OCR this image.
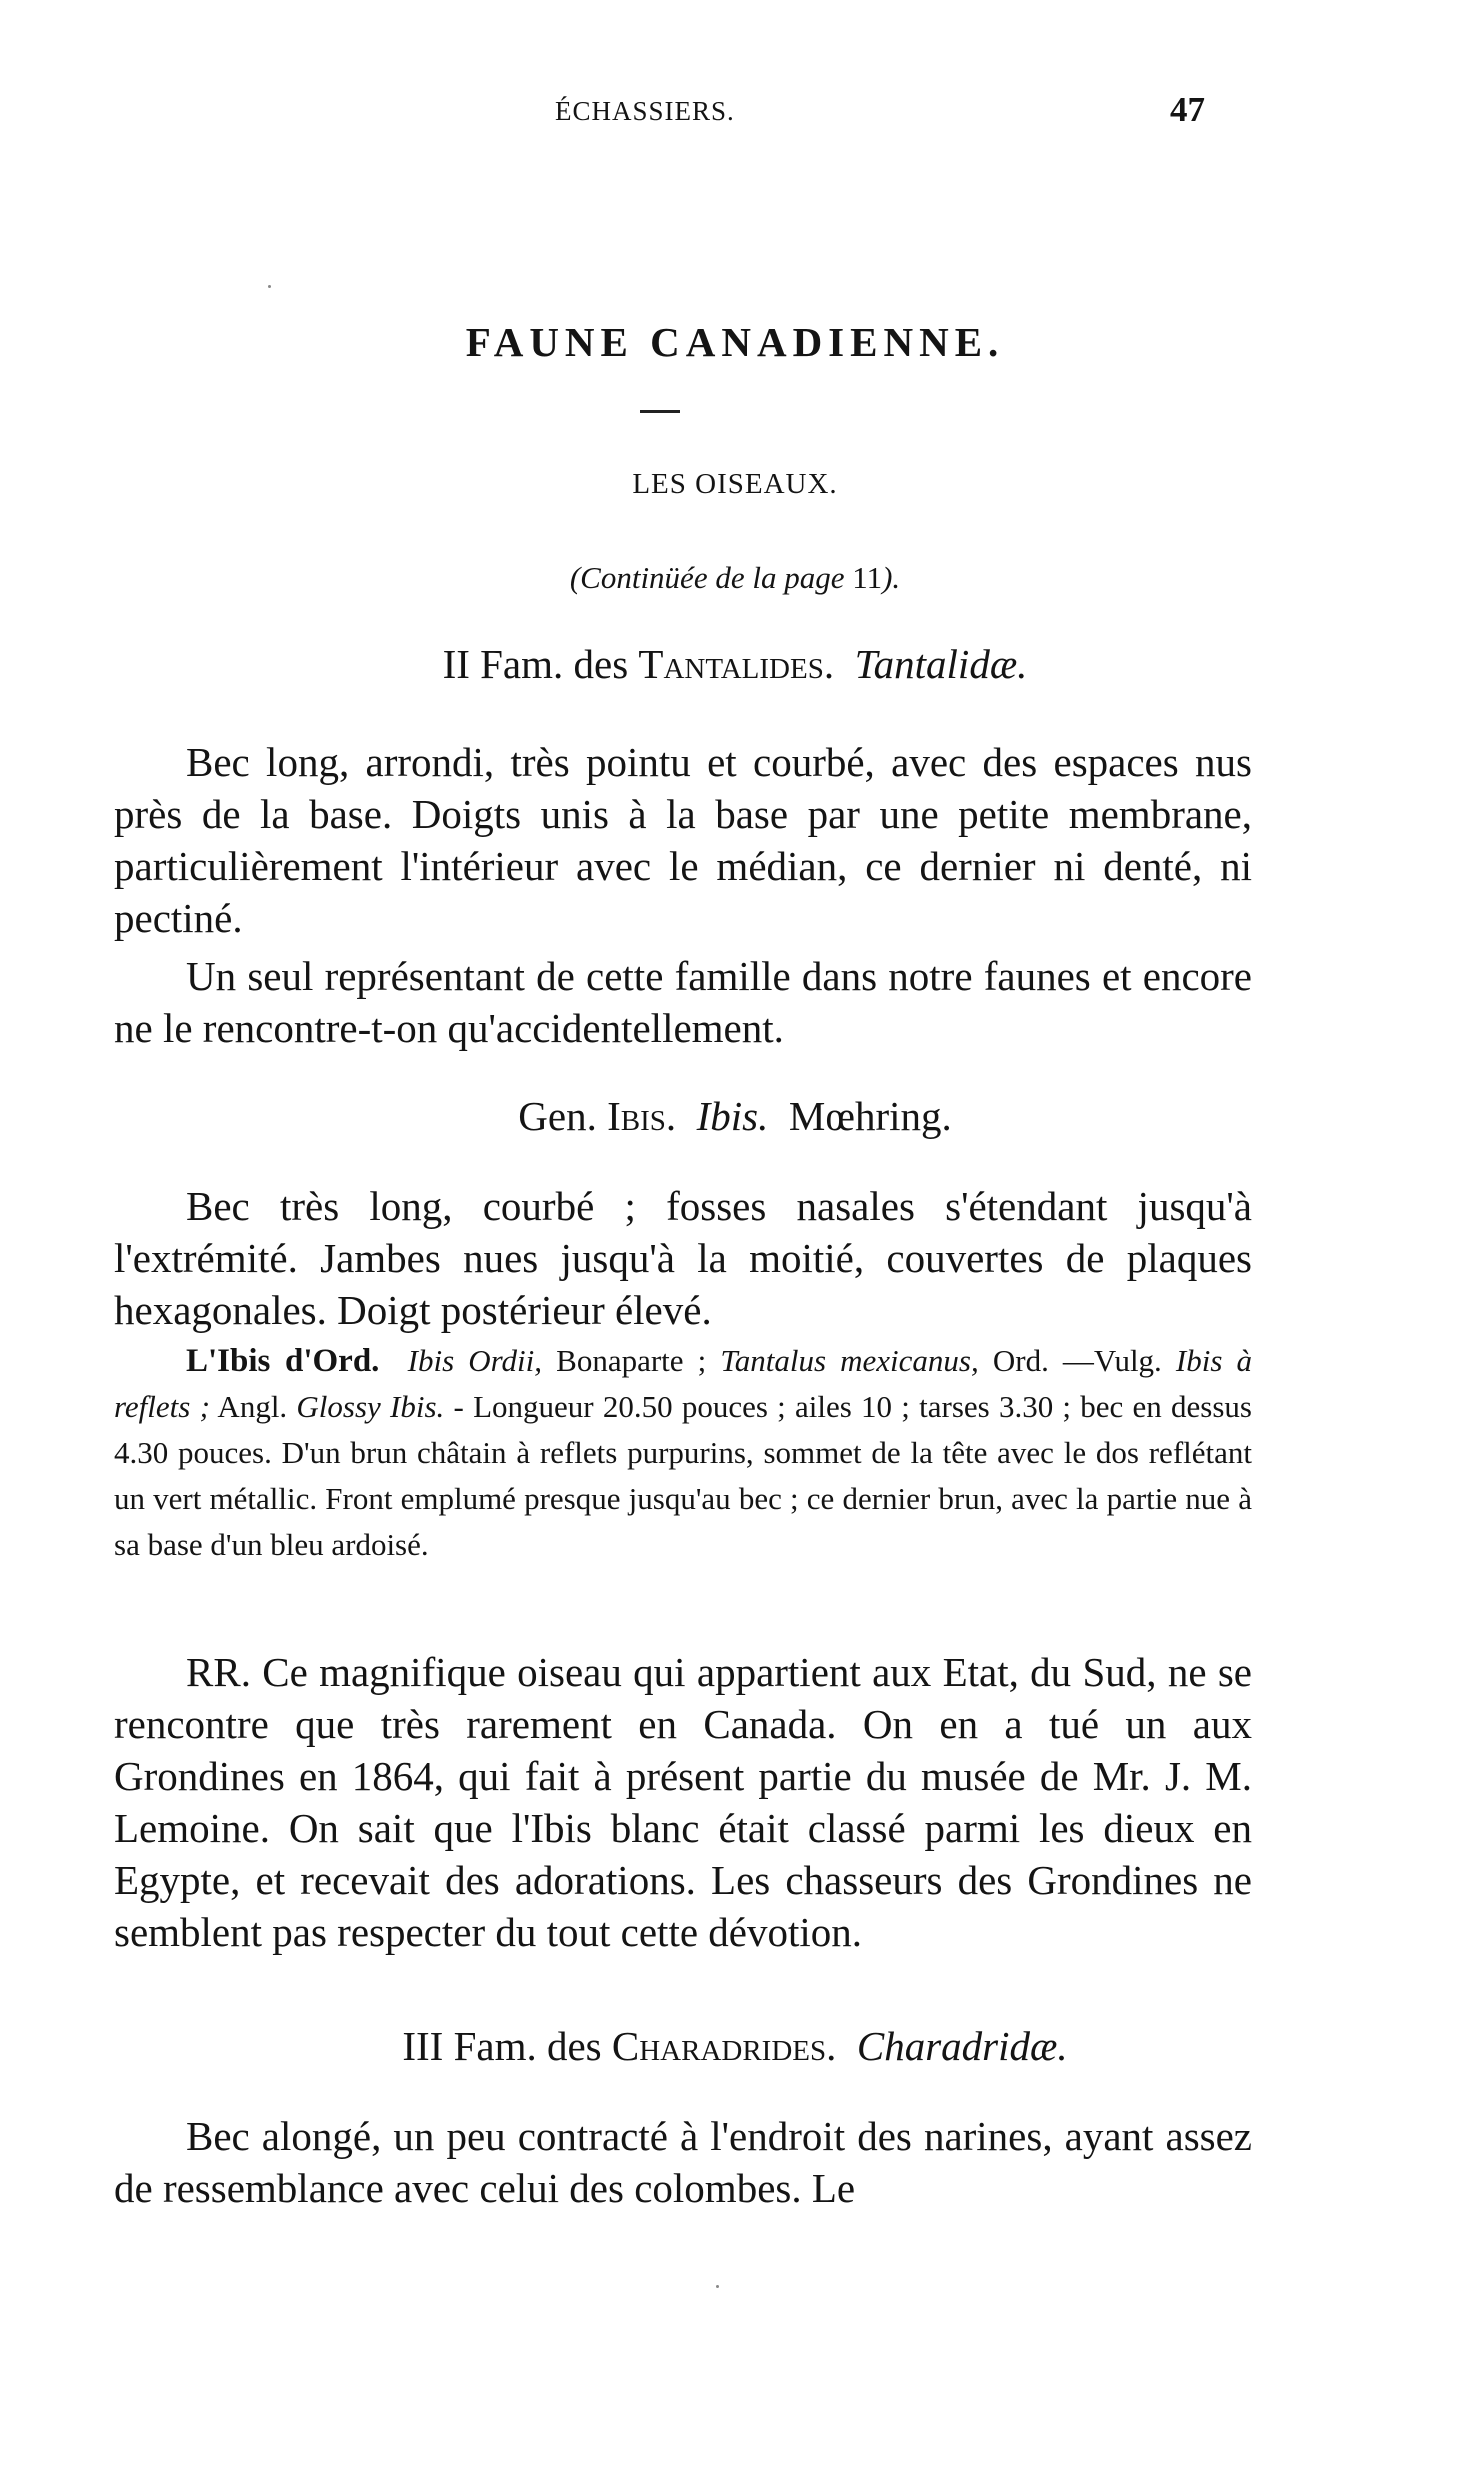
ÉCHASSIERS.	47
FAUNE CANADIENNE.
LES OISEAUX.
(Continüée de la page 11).
II Fam. des Tantalides. Tantalidæ.

Bec long, arrondi, très pointu et courbé, avec des espaces nus près de la base. Doigts unis à la base par une petite membrane, particulièrement l'intérieur avec le médian, ce dernier ni denté, ni pectiné.

Un seul représentant de cette famille dans notre faunes et encore ne le rencontre-t-on qu'accidentellement.

Gen. Ibis. Ibis. Mœhring.

Bec très long, courbé ; fosses nasales s'étendant jusqu'à l'extrémité. Jambes nues jusqu'à la moitié, couvertes de plaques hexagonales. Doigt postérieur élevé.

L'Ibis d'Ord. Ibis Ordii, Bonaparte ; Tantalus mexicanus, Ord. —Vulg. Ibis à reflets ; Angl. Glossy Ibis. - Longueur 20.50 pouces ; ailes 10 ; tarses 3.30 ; bec en dessus 4.30 pouces. D'un brun châtain à reflets purpurins, sommet de la tête avec le dos reflétant un vert métallic. Front emplumé presque jusqu'au bec ; ce dernier brun, avec la partie nue à sa base d'un bleu ardoisé.

RR. Ce magnifique oiseau qui appartient aux Etat, du Sud, ne se rencontre que très rarement en Canada. On en a tué un aux Grondines en 1864, qui fait à présent partie du musée de Mr. J. M. Lemoine. On sait que l'Ibis blanc était classé parmi les dieux en Egypte, et recevait des adorations. Les chasseurs des Grondines ne semblent pas respecter du tout cette dévotion.

III Fam. des Charadrides. Charadridæ.

Bec alongé, un peu contracté à l'endroit des narines, ayant assez de ressemblance avec celui des colombes. Le
